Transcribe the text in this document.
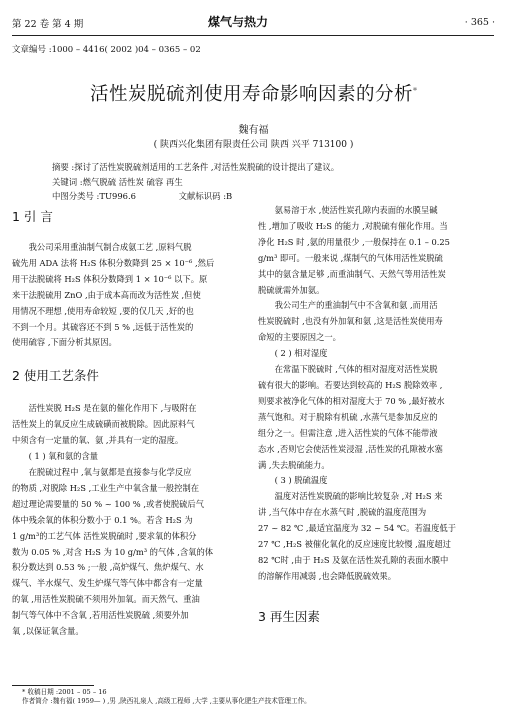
第 22 卷 第 4 期	煤气与热力	· 365 ·
文章编号 :1000 – 4416( 2002 )04 – 0365 – 02
活性炭脱硫剂使用寿命影响因素的分析*
魏有福
( 陕西兴化集团有限责任公司 陕西 兴平 713100 )
摘要 :探讨了活性炭脱硫剂适用的工艺条件 ,对活性炭脱硫的设计提出了建议。
关键词 :燃气脱硫 活性炭 硫容 再生
中图分类号 :TU996.6	文献标识码 :B
1 引 言

我公司采用重油制气制合成氨工艺 ,原料气脱

硫先用 ADA 法将 H₂S 体积分数降到 25 × 10⁻⁶ ,然后

用干法脱硫将 H₂S 体积分数降到 1 × 10⁻⁶ 以下。原

来干法脱硫用 ZnO ,由于成本高而改为活性炭 ,但使

用情况不理想 ,使用寿命较短 ,要的仅几天 ,好的也

不到一个月。其硫容还不到 5 % ,远低于活性炭的

使用硫容 ,下面分析其原因。

2 使用工艺条件

活性炭脱 H₂S 是在氨的催化作用下 ,与吸附在

活性炭上的氧反应生成硫磺而被脱除。因此原料气

中须含有一定量的氧、氨 ,并具有一定的湿度。

( 1 ) 氧和氨的含量

在脱硫过程中 ,氧与氨都是直接参与化学反应

的物质 ,对脱除 H₂S ,工业生产中氧含量一般控制在

超过理论需要量的 50 % ~ 100 % ,或者使脱硫后气

体中残余氧的体积分数小于 0.1 %。若含 H₂S 为

1 g/m³的工艺气体 活性炭脱硫时 ,要求氧的体积分

数为 0.05 % ,对含 H₂S 为 10 g/m³ 的气体 ,含氧的体

积分数达到 0.53 % ;一般 ,高炉煤气、焦炉煤气、水

煤气、半水煤气、发生炉煤气等气体中都含有一定量

的氧 ,用活性炭脱硫不须用外加氧。而天然气、重油

制气等气体中不含氧 ,若用活性炭脱硫 ,须要外加

氧 ,以保证氧含量。

氨易溶于水 ,使活性炭孔隙内表面的水膜呈碱

性 ,增加了吸收 H₂S 的能力 ,对脱硫有催化作用。当

净化 H₂S 时 ,氨的用量很少 ,一般保持在 0.1 – 0.25

g/m³ 即可。一般来说 ,煤制气的气体用活性炭脱硫

其中的氨含量足够 ,而重油制气、天然气等用活性炭

脱硫就需外加氨。

我公司生产的重油制气中不含氧和氨 ,而用活

性炭脱硫时 ,也没有外加氧和氨 ,这是活性炭使用寿

命短的主要原因之一。

( 2 ) 相对湿度

在常温下脱硫时 ,气体的相对湿度对活性炭脱

硫有很大的影响。若要达到较高的 H₂S 脱除效率 ,

则要求被净化气体的相对湿度大于 70 % ,最好被水

蒸气饱和。对于脱除有机硫 ,水蒸气是参加反应的

组分之一。但需注意 ,进入活性炭的气体不能带液

态水 ,否则它会使活性炭浸湿 ,活性炭的孔隙被水塞

满 ,失去脱硫能力。

( 3 ) 脱硫温度

温度对活性炭脱硫的影响比较复杂 ,对 H₂S 来

讲 ,当气体中存在水蒸气时 ,脱硫的温度范围为

27 ~ 82 ℃ ,最适宜温度为 32 ~ 54 ℃。若温度低于

27 ℃ ,H₂S 被催化氧化的反应速度比较慢 ,温度超过

82 ℃时 ,由于 H₂S 及氨在活性炭孔隙的表面水膜中

的溶解作用减弱 ,也会降低脱硫效果。

3 再生因素
* 收稿日期 :2001 – 05 – 16
作者简介 :魏有福( 1959— ) ,男 ,陕西礼泉人 ,高级工程师 ,大学 ,主要从事化肥生产技术管理工作。
